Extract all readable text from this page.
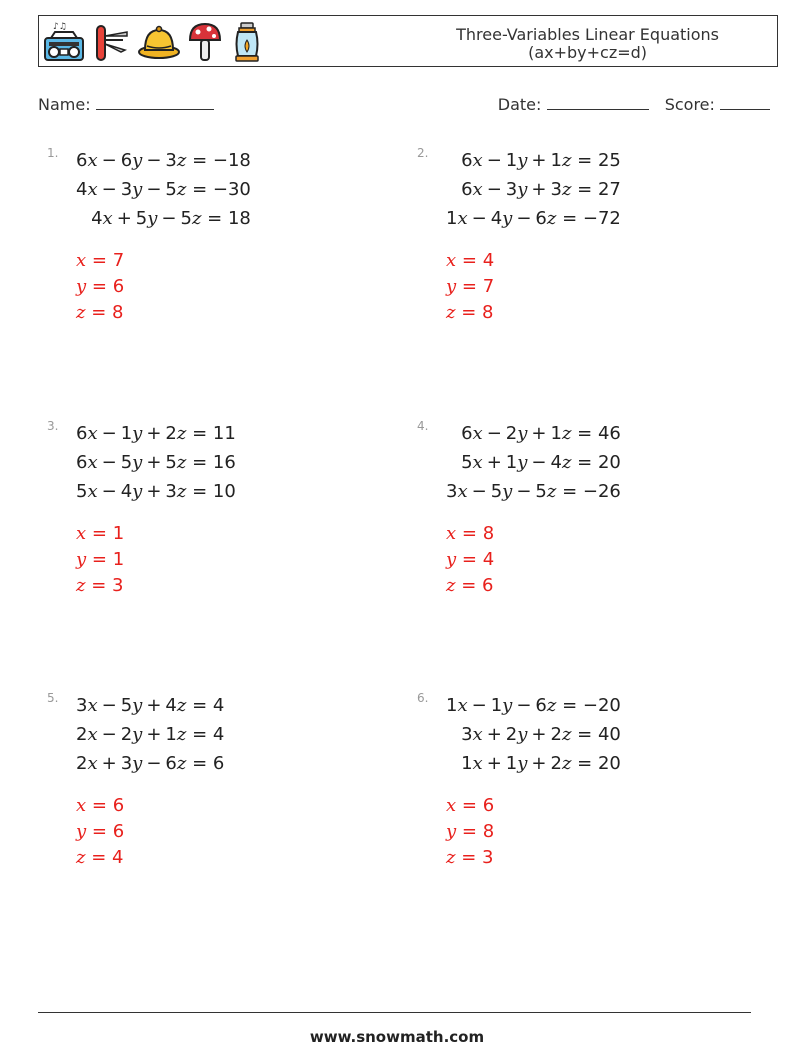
♪♫	Three-Variables Linear Equations
(ax+by+cz=d)
Name:	Date:	Score:
1. 6x − 6y − 3z = −18
4x − 3y − 5z = −30
4x + 5y − 5z = 18
x = 7
y = 6
z = 8
2.	6x − 1y + 1z = 25
6x − 3y + 3z = 27
1x − 4y − 6z = −72
x = 4
y = 7
z = 8
3. 6x − 1y + 2z = 11
6x − 5y + 5z = 16
5x − 4y + 3z = 10
x = 1
y = 1
z = 3
4.	6x − 2y + 1z = 46
5x + 1y − 4z = 20
3x − 5y − 5z = −26
x = 8
y = 4
z = 6
5. 3x − 5y + 4z = 4
2x − 2y + 1z = 4
2x + 3y − 6z = 6
x = 6
y = 6
z = 4
6. 1x − 1y − 6z = −20
3x + 2y + 2z = 40
1x + 1y + 2z = 20
x = 6
y = 8
z = 3
www.snowmath.com
